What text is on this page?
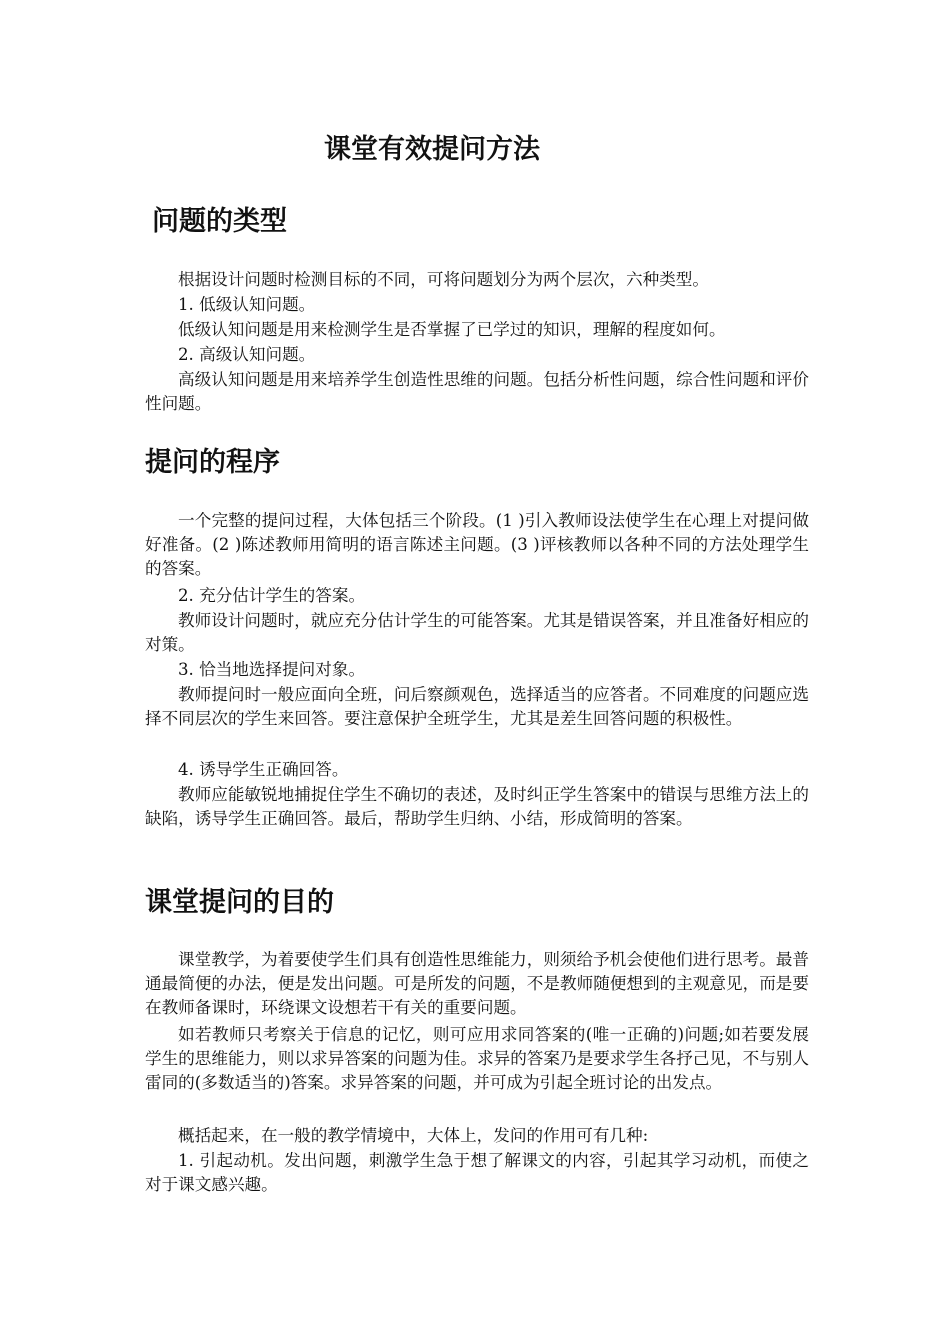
课堂有效提问方法
问题的类型

根据设计问题时检测目标的不同，可将问题划分为两个层次，六种类型。

1. 低级认知问题。

低级认知问题是用来检测学生是否掌握了已学过的知识，理解的程度如何。

2. 高级认知问题。

高级认知问题是用来培养学生创造性思维的问题。包括分析性问题，综合性问题和评价性问题。

提问的程序

一个完整的提问过程，大体包括三个阶段。(1 )引入教师设法使学生在心理上对提问做好准备。(2 )陈述教师用简明的语言陈述主问题。(3 )评核教师以各种不同的方法处理学生的答案。

2. 充分估计学生的答案。

教师设计问题时，就应充分估计学生的可能答案。尤其是错误答案，并且准备好相应的对策。

3. 恰当地选择提问对象。

教师提问时一般应面向全班，问后察颜观色，选择适当的应答者。不同难度的问题应选择不同层次的学生来回答。要注意保护全班学生，尤其是差生回答问题的积极性。

4. 诱导学生正确回答。

教师应能敏锐地捕捉住学生不确切的表述，及时纠正学生答案中的错误与思维方法上的缺陷，诱导学生正确回答。最后，帮助学生归纳、小结，形成简明的答案。

课堂提问的目的

课堂教学，为着要使学生们具有创造性思维能力，则须给予机会使他们进行思考。最普通最简便的办法，便是发出问题。可是所发的问题，不是教师随便想到的主观意见，而是要在教师备课时，环绕课文设想若干有关的重要问题。

如若教师只考察关于信息的记忆，则可应用求同答案的(唯一正确的)问题;如若要发展学生的思维能力，则以求异答案的问题为佳。求异的答案乃是要求学生各抒己见，不与别人雷同的(多数适当的)答案。求异答案的问题，并可成为引起全班讨论的出发点。

概括起来，在一般的教学情境中，大体上，发问的作用可有几种:

1. 引起动机。发出问题，刺激学生急于想了解课文的内容，引起其学习动机，而使之对于课文感兴趣。
